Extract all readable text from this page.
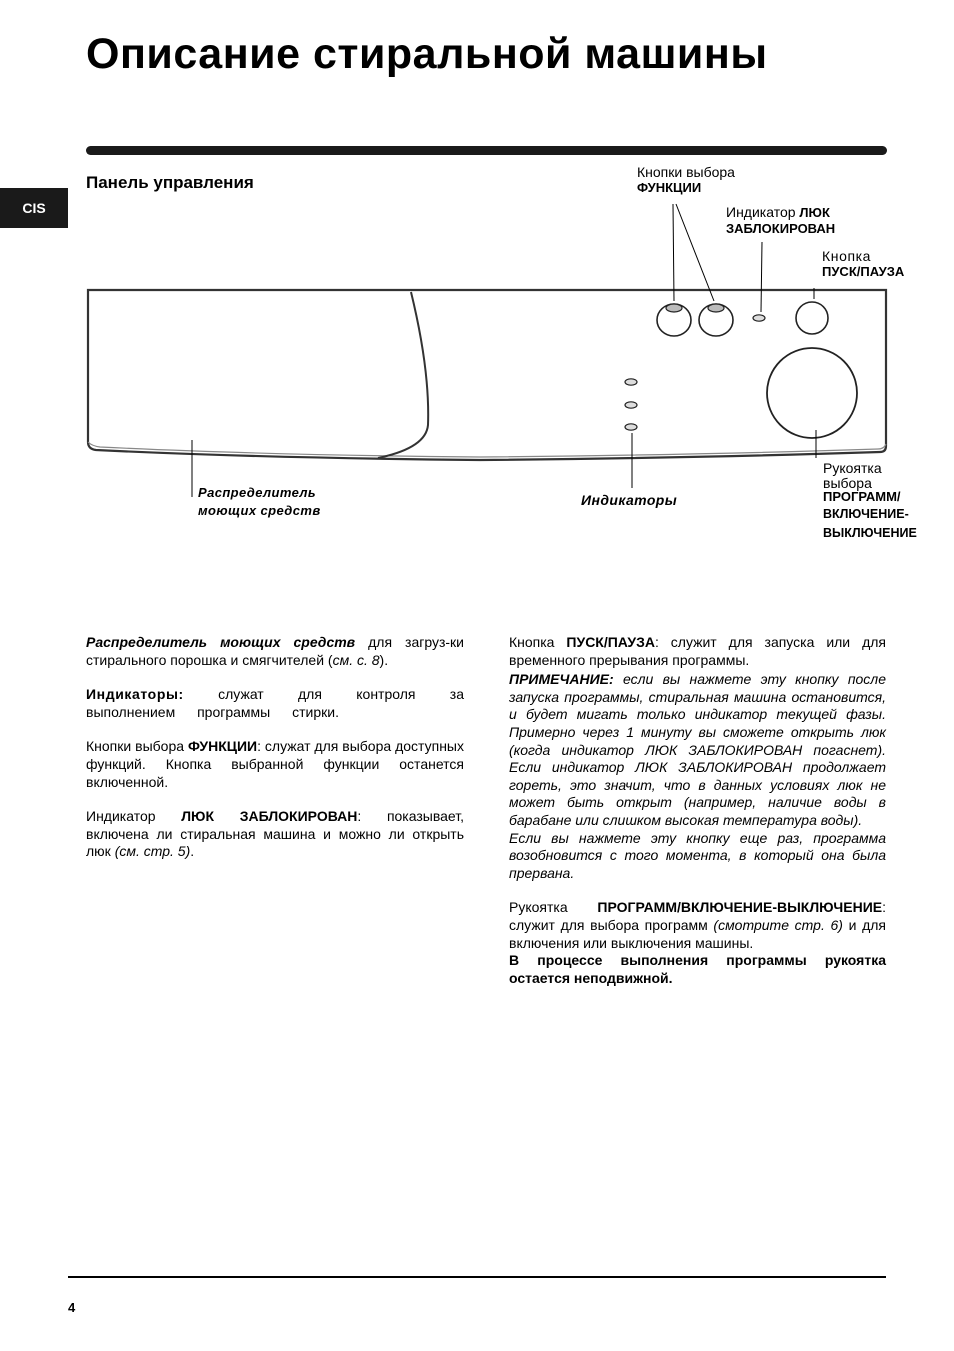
Описание стиральной машины
CIS
Панель управления
Кнопки выбора
ФУНКЦИИ
Индикатор ЛЮК
ЗАБЛОКИРОВАН
Кнопка
ПУСК/ПАУЗА
Распределитель
моющих средств
Индикаторы
Рукоятка
выбора
ПРОГРАММ/
ВКЛЮЧЕНИЕ-
ВЫКЛЮЧЕНИЕ

Распределитель моющих средств для загруз-ки стирального порошка и смягчителей (см. с. 8).

Индикаторы: служат для контроля за выполнением программы стирки.

Кнопки выбора ФУНКЦИИ: служат для выбора доступных функций. Кнопка выбранной функции останется включенной.

Индикатор ЛЮК ЗАБЛОКИРОВАН: показывает, включена ли стиральная машина и можно ли открыть люк (см. стр. 5).

Кнопка ПУСК/ПАУЗА: служит для запуска или для временного прерывания программы.

ПРИМЕЧАНИЕ: если вы нажмете эту кнопку после запуска программы, стиральная машина остановится, и будет мигать только индикатор текущей фазы. Примерно через 1 минуту вы сможете открыть люк (когда индикатор ЛЮК ЗАБЛОКИРОВАН погаснет). Если индикатор ЛЮК ЗАБЛОКИРОВАН продолжает гореть, это значит, что в данных условиях люк не может быть открыт (например, наличие воды в барабане или слишком высокая температура воды).

Если вы нажмете эту кнопку еще раз, программа возобновится с того момента, в который она была прервана.

Рукоятка ПРОГРАММ/ВКЛЮЧЕНИЕ-ВЫКЛЮЧЕНИЕ: служит для выбора программ (смотрите стр. 6) и для включения или выключения машины.

В процессе выполнения программы рукоятка остается неподвижной.

4
